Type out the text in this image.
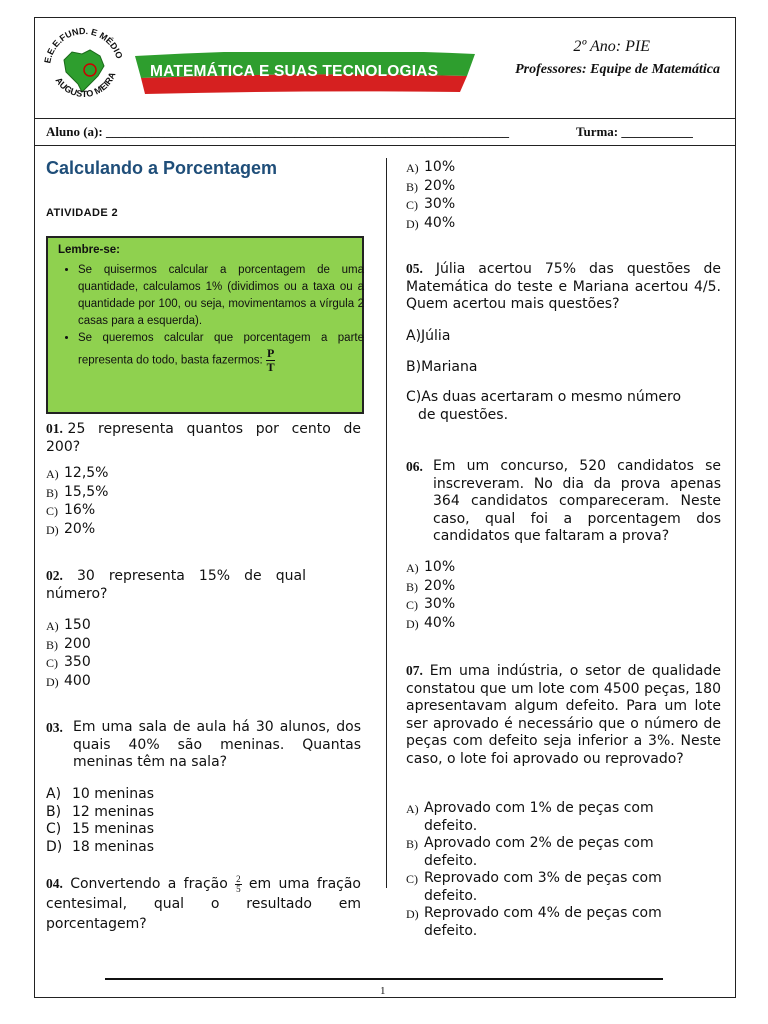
E.E.E.FUND. E MÉDIO
AUGUSTO MEIRA MATEMÁTICA E SUAS TECNOLOGIAS
2º Ano: PIE
Professores: Equipe de Matemática
Aluno (a): ______________________________________________________________	Turma: ___________
Calculando a Porcentagem
ATIVIDADE 2
Lembre-se:
• Se quisermos calcular a porcentagem de uma quantidade, calculamos 1% (dividimos ou a taxa ou a quantidade por 100, ou seja, movimentamos a vírgula 2 casas para a esquerda).
• Se queremos calcular que porcentagem a parte representa do todo, basta fazermos: $\frac{P}{T}$
01. 25 representa quantos por cento de 200?
A) 12,5%
B) 15,5%
C) 16%
D) 20%
02. 30 representa 15% de qual número?
A) 150
B) 200
C) 350
D) 400
03. Em uma sala de aula há 30 alunos, dos quais 40% são meninas. Quantas meninas têm na sala?
A) 10 meninas
B) 12 meninas
C) 15 meninas
D) 18 meninas
04. Convertendo a fração $\frac{2}{5}$ em uma fração centesimal, qual o resultado em porcentagem?
A) 10%
B) 20%
C) 30%
D) 40%
05. Júlia acertou 75% das questões de Matemática do teste e Mariana acertou 4/5. Quem acertou mais questões?
A)Júlia
B)Mariana
C)As duas acertaram o mesmo número
de questões.
06. Em um concurso, 520 candidatos se inscreveram. No dia da prova apenas 364 candidatos compareceram. Neste caso, qual foi a porcentagem dos candidatos que faltaram a prova?
A) 10%
B) 20%
C) 30%
D) 40%
07. Em uma indústria, o setor de qualidade constatou que um lote com 4500 peças, 180 apresentavam algum defeito. Para um lote ser aprovado é necessário que o número de peças com defeito seja inferior a 3%. Neste caso, o lote foi aprovado ou reprovado?
A) Aprovado com 1% de peças com defeito.
B) Aprovado com 2% de peças com defeito.
C) Reprovado com 3% de peças com defeito.
D) Reprovado com 4% de peças com defeito.
1
